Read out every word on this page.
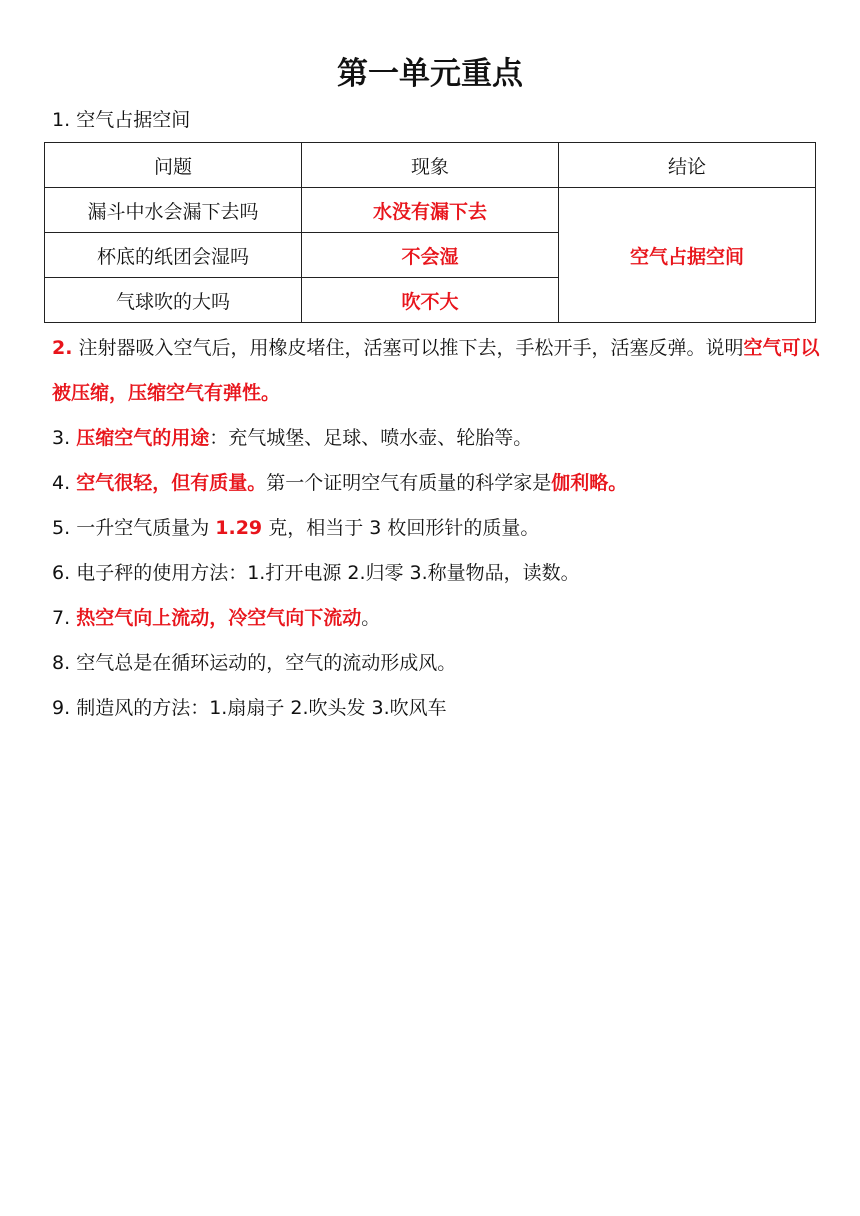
第一单元重点
1. 空气占据空间
问题	现象	结论
漏斗中水会漏下去吗	水没有漏下去	空气占据空间
杯底的纸团会湿吗	不会湿	
气球吹的大吗	吹不大	
2. 注射器吸入空气后，用橡皮堵住，活塞可以推下去，手松开手，活塞反弹。说明空气可以被压缩，压缩空气有弹性。
3. 压缩空气的用途：充气城堡、足球、喷水壶、轮胎等。
4. 空气很轻，但有质量。第一个证明空气有质量的科学家是伽利略。
5. 一升空气质量为 1.29 克，相当于 3 枚回形针的质量。
6. 电子秤的使用方法：1.打开电源 2.归零 3.称量物品，读数。
7. 热空气向上流动，冷空气向下流动。
8. 空气总是在循环运动的，空气的流动形成风。
9. 制造风的方法：1.扇扇子 2.吹头发 3.吹风车
